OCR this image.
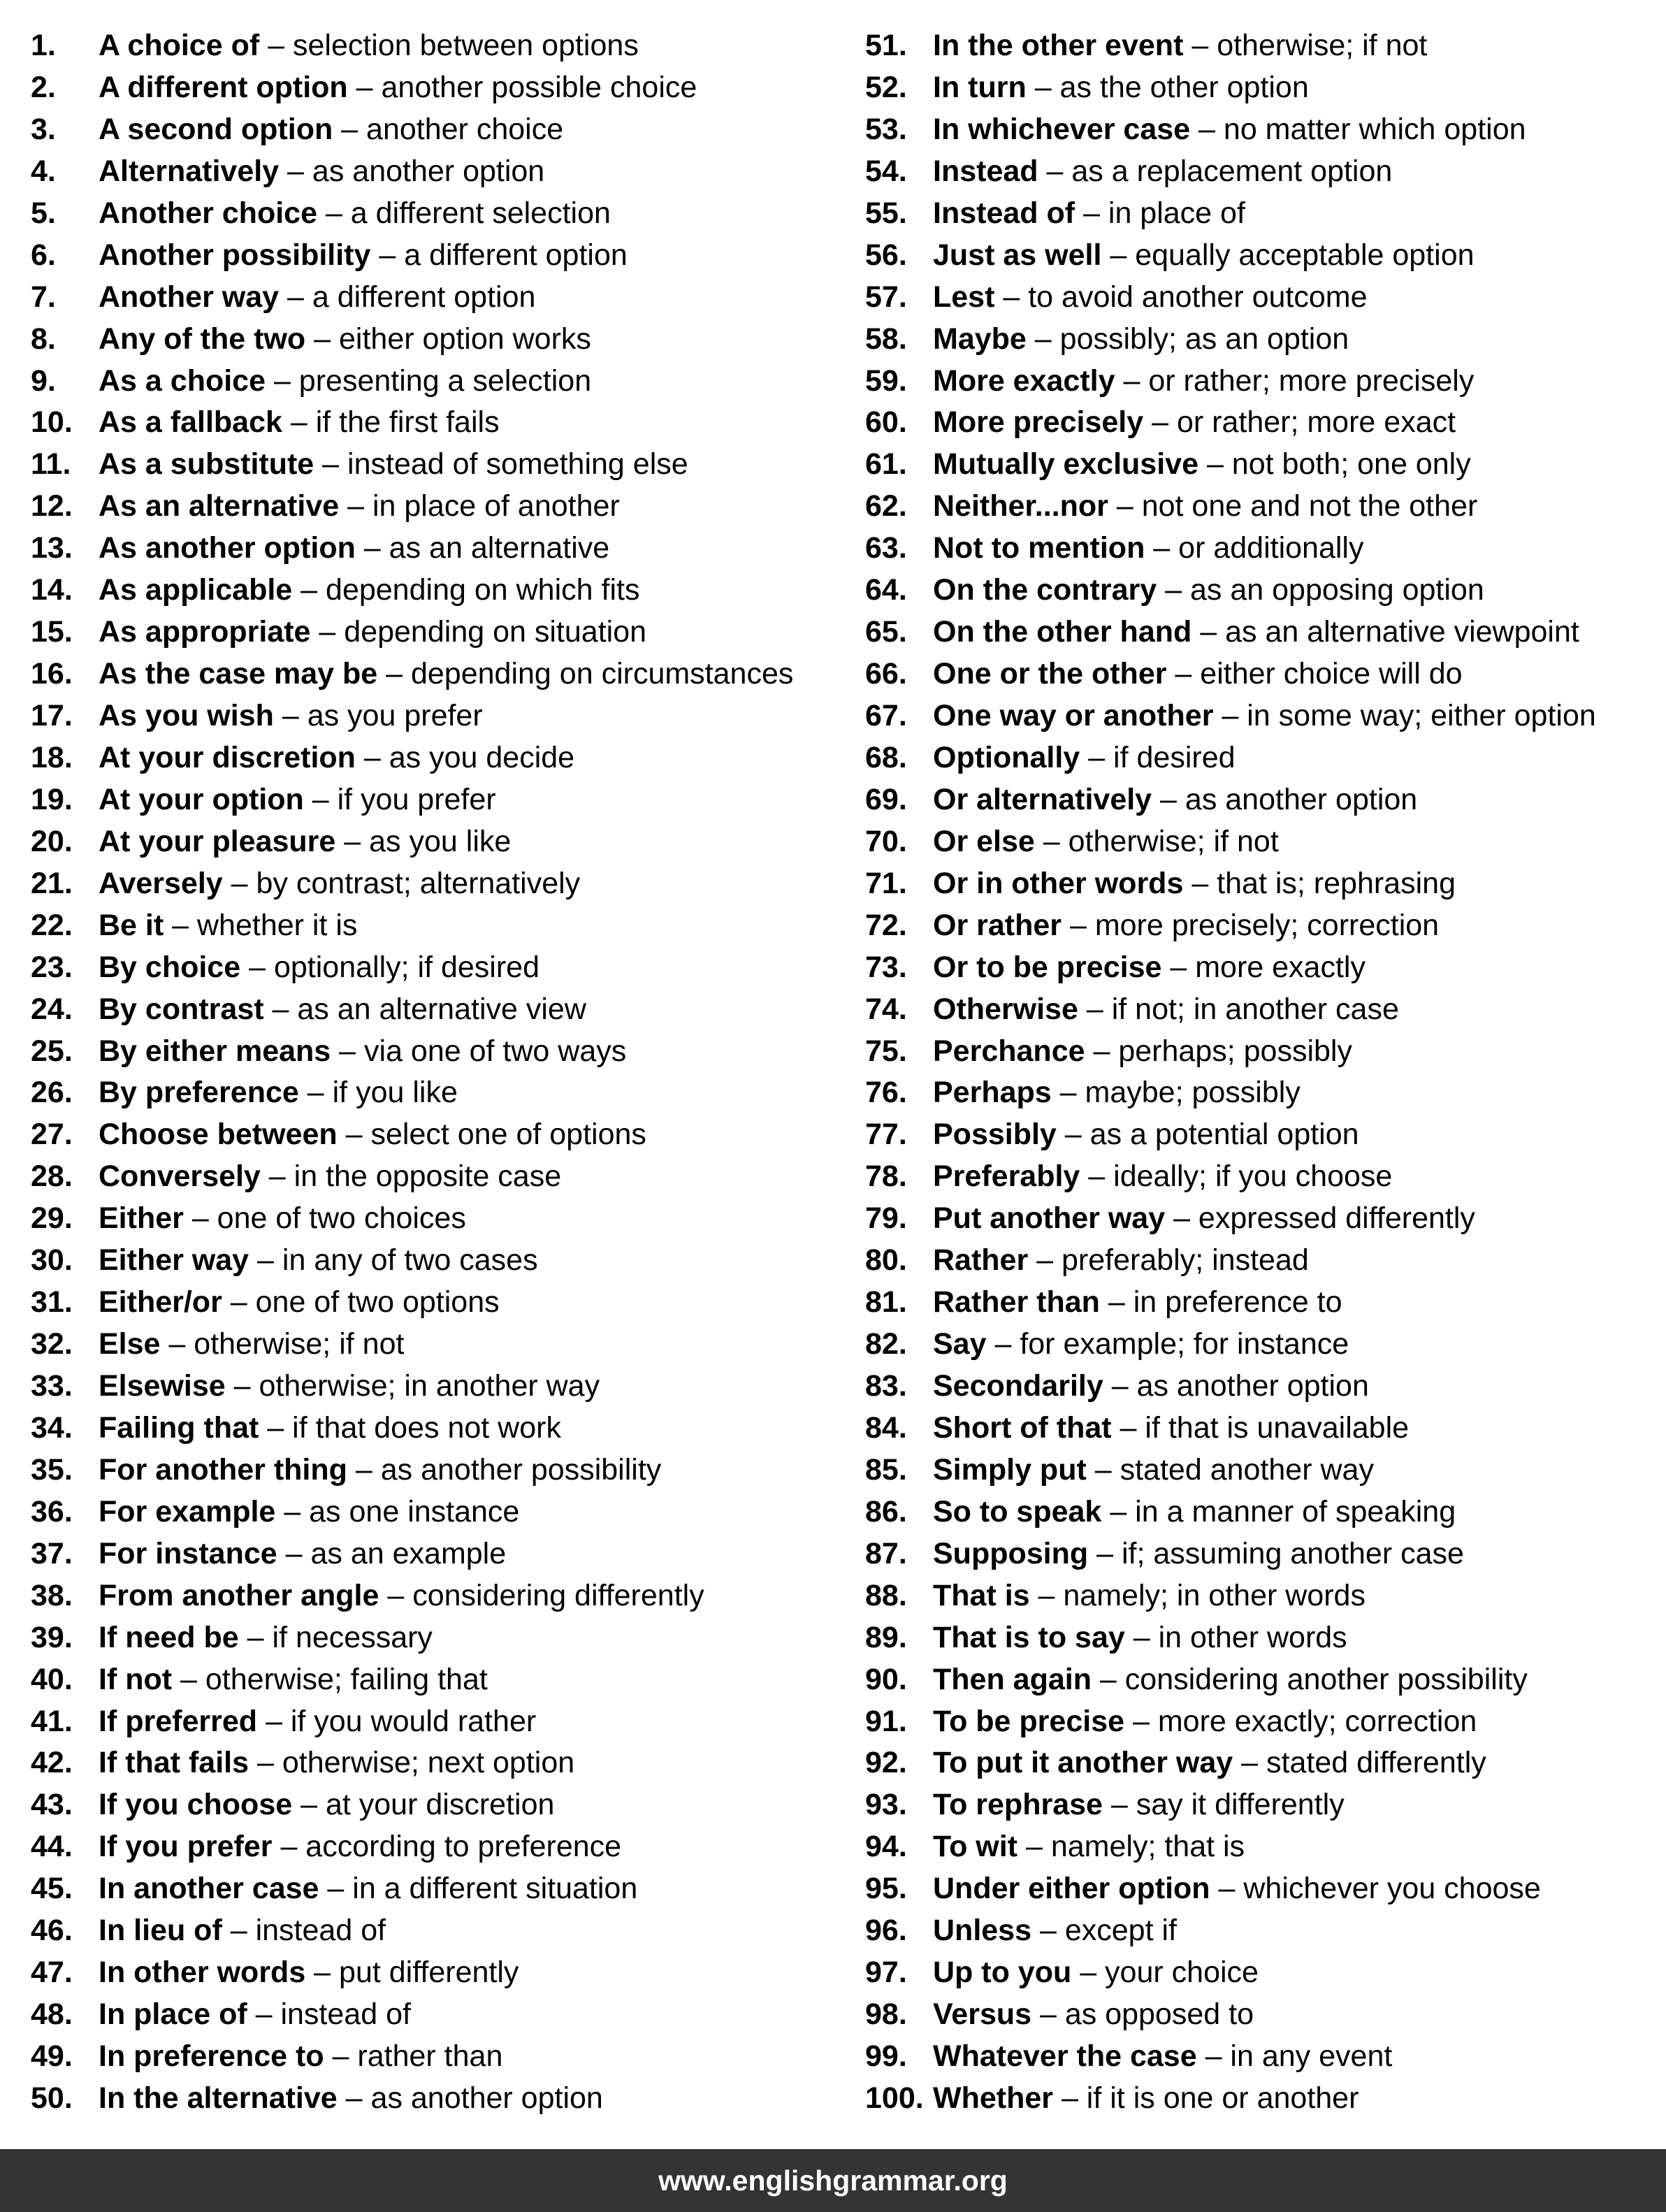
1.	A choice of – selection between options
2.	A different option – another possible choice
3.	A second option – another choice
4.	Alternatively – as another option
5.	Another choice – a different selection
6.	Another possibility – a different option
7.	Another way – a different option
8.	Any of the two – either option works
9.	As a choice – presenting a selection
10. As a fallback – if the first fails
11. As a substitute – instead of something else
12. As an alternative – in place of another
13. As another option – as an alternative
14. As applicable – depending on which fits
15. As appropriate – depending on situation
16. As the case may be – depending on circumstances
17. As you wish – as you prefer
18. At your discretion – as you decide
19. At your option – if you prefer
20. At your pleasure – as you like
21. Aversely – by contrast; alternatively
22. Be it – whether it is
23. By choice – optionally; if desired
24. By contrast – as an alternative view
25. By either means – via one of two ways
26. By preference – if you like
27. Choose between – select one of options
28. Conversely – in the opposite case
29. Either – one of two choices
30. Either way – in any of two cases
31. Either/or – one of two options
32. Else – otherwise; if not
33. Elsewise – otherwise; in another way
34. Failing that – if that does not work
35. For another thing – as another possibility
36. For example – as one instance
37. For instance – as an example
38. From another angle – considering differently
39. If need be – if necessary
40. If not – otherwise; failing that
41. If preferred – if you would rather
42. If that fails – otherwise; next option
43. If you choose – at your discretion
44. If you prefer – according to preference
45. In another case – in a different situation
46. In lieu of – instead of
47. In other words – put differently
48. In place of – instead of
49. In preference to – rather than
50. In the alternative – as another option
51. In the other event – otherwise; if not
52. In turn – as the other option
53. In whichever case – no matter which option
54. Instead – as a replacement option
55. Instead of – in place of
56. Just as well – equally acceptable option
57. Lest – to avoid another outcome
58. Maybe – possibly; as an option
59. More exactly – or rather; more precisely
60. More precisely – or rather; more exact
61. Mutually exclusive – not both; one only
62. Neither...nor – not one and not the other
63. Not to mention – or additionally
64. On the contrary – as an opposing option
65. On the other hand – as an alternative viewpoint
66. One or the other – either choice will do
67. One way or another – in some way; either option
68. Optionally – if desired
69. Or alternatively – as another option
70. Or else – otherwise; if not
71. Or in other words – that is; rephrasing
72. Or rather – more precisely; correction
73. Or to be precise – more exactly
74. Otherwise – if not; in another case
75. Perchance – perhaps; possibly
76. Perhaps – maybe; possibly
77. Possibly – as a potential option
78. Preferably – ideally; if you choose
79. Put another way – expressed differently
80. Rather – preferably; instead
81. Rather than – in preference to
82. Say – for example; for instance
83. Secondarily – as another option
84. Short of that – if that is unavailable
85. Simply put – stated another way
86. So to speak – in a manner of speaking
87. Supposing – if; assuming another case
88. That is – namely; in other words
89. That is to say – in other words
90. Then again – considering another possibility
91. To be precise – more exactly; correction
92. To put it another way – stated differently
93. To rephrase – say it differently
94. To wit – namely; that is
95. Under either option – whichever you choose
96. Unless – except if
97. Up to you – your choice
98. Versus – as opposed to
99. Whatever the case – in any event
100. Whether – if it is one or another
www.englishgrammar.org
